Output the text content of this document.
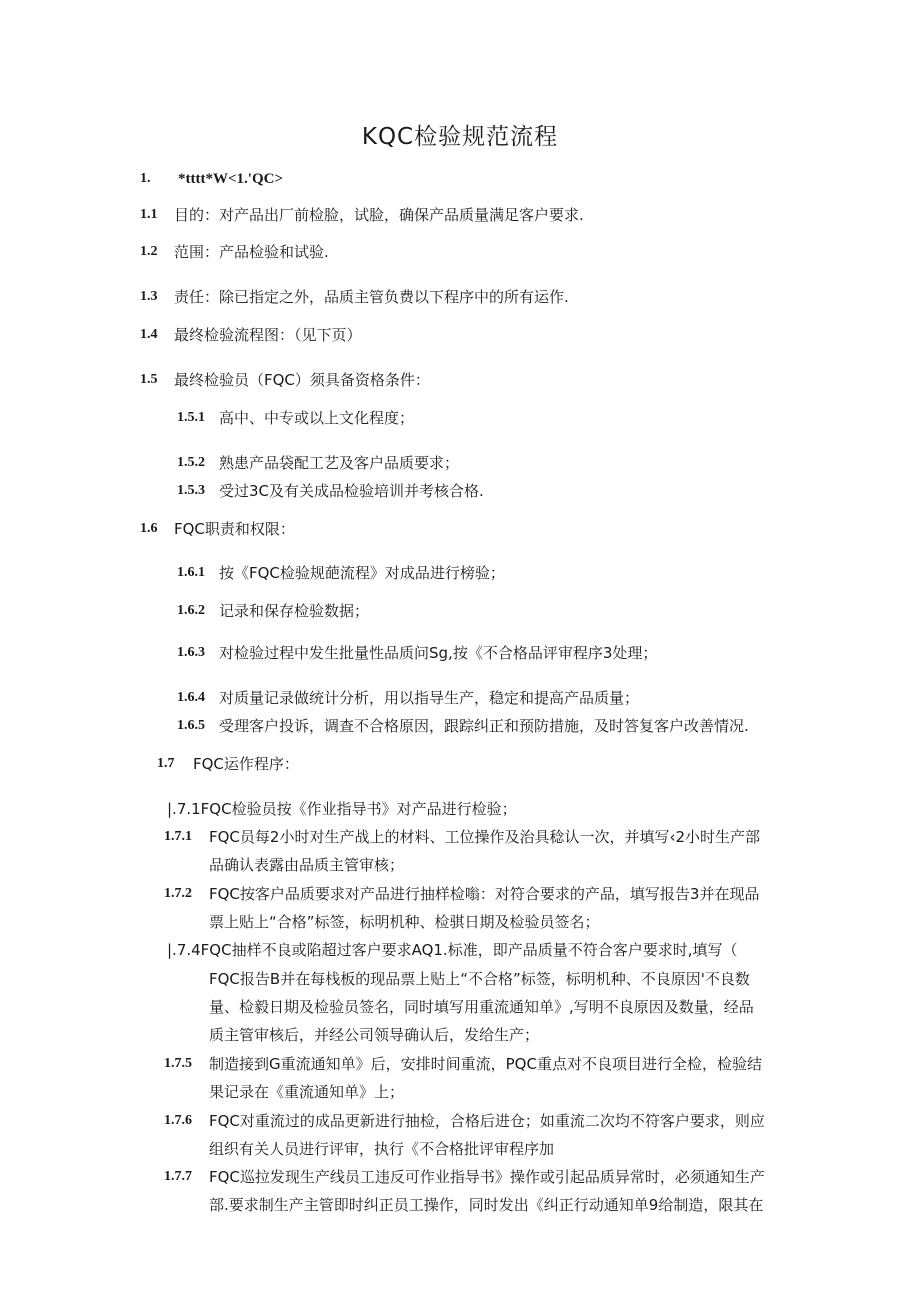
KQC检验规范流程
1. *tttt*W<1.'QC>
1.1 目的：对产品出厂前检脸，试脸，确保产品质量满足客户要求.
1.2 范围：产品检验和试验.
1.3 责任：除已指定之外，品质主管负费以下程序中的所有运作.
1.4 最终检验流程图：（见下页）
1.5 最终检验员（FQC）须具备资格条件：
1.5.1 高中、中专或以上文化程度；
1.5.2 熟患产品袋配工艺及客户品质要求；
1.5.3 受过3C及有关成品检验培训并考核合格.
1.6 FQC职责和权限：
1.6.1 按《FQC检验规葩流程》对成品进行榜验；
1.6.2 记录和保存检验数据；
1.6.3 对检验过程中发生批量性品质问Sg,按《不合格品评审程序3处理；
1.6.4 对质量记录做统计分析，用以指导生产，稳定和提高产品质量；
1.6.5 受理客户投诉，调查不合格原因，跟踪纠正和预防措施，及时答复客户改善情况.
1.7 FQC运作程序：
|.7.1FQC检验员按《作业指导书》对产品进行检验；
1.7.1 FQC员每2小时对生产战上的材料、工位操作及治具稔认一次，并填写‹2小时生产部
品确认表露由品质主管审核；
1.7.2 FQC按客户品质要求对产品进行抽样检嗡：对符合要求的产品，填写报告3并在现品
票上贴上“合格”标签，标明机种、检骐日期及检验员签名；
|.7.4FQC抽样不良或陷超过客户要求AQ1.标准，即产品质量不符合客户要求时,填写（
FQC报告B并在每栈板的现品票上贴上“不合格”标签，标明机种、不良原因'不良数
量、检毅日期及检验员签名，同时填写用重流通知单》,写明不良原因及数量，经品
质主管审核后，并经公司领导确认后，发给生产；
1.7.5 制造接到G重流通知单》后，安排时间重流，PQC重点对不良项目进行全检，检验结
果记录在《重流通知单》上；
1.7.6 FQC对重流过的成品更新进行抽检，合格后进仓；如重流二次均不符客户要求，则应
组织有关人员进行评审，执行《不合格批评审程序加
1.7.7 FQC巡拉发现生产线员工违反可作业指导书》操作或引起品质异常时，必须通知生产
部.要求制生产主管即时纠正员工操作，同时发出《纠正行动通知单9给制造，限其在
